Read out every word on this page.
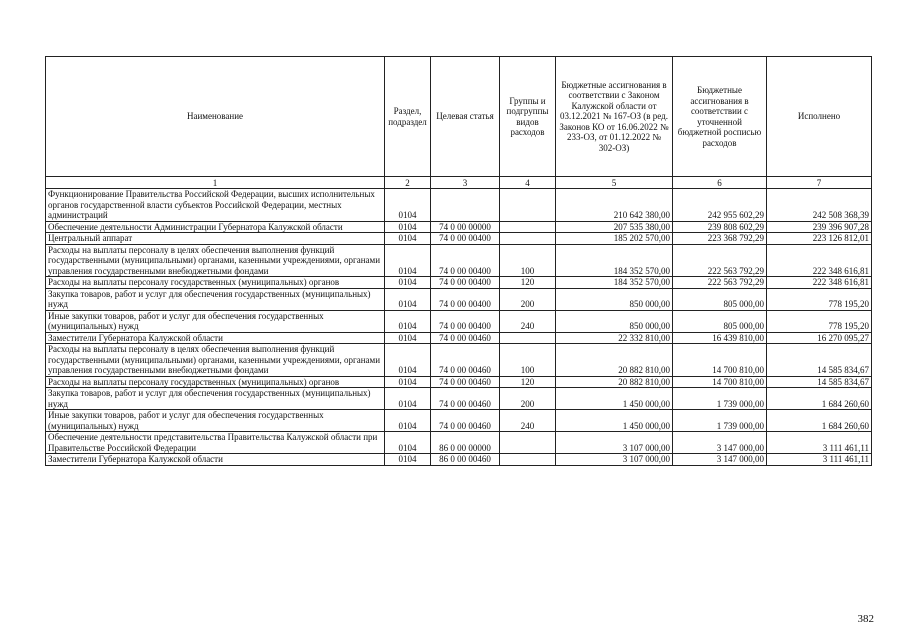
Наименование	Раздел, подраздел	Целевая статья	Группы и подгруппы видов расходов	Бюджетные ассигнования в соответствии с Законом Калужской области от 03.12.2021 № 167-ОЗ (в ред. Законов КО от 16.06.2022 № 233-ОЗ, от 01.12.2022 № 302-ОЗ)	Бюджетные ассигнования в соответствии с уточненной бюджетной росписью расходов	Исполнено
1	2	3	4	5	6	7
Функционирование Правительства Российской Федерации, высших исполнительных органов государственной власти субъектов Российской Федерации, местных администраций	0104			210 642 380,00	242 955 602,29	242 508 368,39
Обеспечение деятельности Администрации Губернатора Калужской области	0104	74 0 00 00000		207 535 380,00	239 808 602,29	239 396 907,28
Центральный аппарат	0104	74 0 00 00400		185 202 570,00	223 368 792,29	223 126 812,01
Расходы на выплаты персоналу в целях обеспечения выполнения функций государственными (муниципальными) органами, казенными учреждениями, органами управления государственными внебюджетными фондами	0104	74 0 00 00400	100	184 352 570,00	222 563 792,29	222 348 616,81
Расходы на выплаты персоналу государственных (муниципальных) органов	0104	74 0 00 00400	120	184 352 570,00	222 563 792,29	222 348 616,81
Закупка товаров, работ и услуг для обеспечения государственных (муниципальных) нужд	0104	74 0 00 00400	200	850 000,00	805 000,00	778 195,20
Иные закупки товаров, работ и услуг для обеспечения государственных (муниципальных) нужд	0104	74 0 00 00400	240	850 000,00	805 000,00	778 195,20
Заместители Губернатора Калужской области	0104	74 0 00 00460		22 332 810,00	16 439 810,00	16 270 095,27
Расходы на выплаты персоналу в целях обеспечения выполнения функций государственными (муниципальными) органами, казенными учреждениями, органами управления государственными внебюджетными фондами	0104	74 0 00 00460	100	20 882 810,00	14 700 810,00	14 585 834,67
Расходы на выплаты персоналу государственных (муниципальных) органов	0104	74 0 00 00460	120	20 882 810,00	14 700 810,00	14 585 834,67
Закупка товаров, работ и услуг для обеспечения государственных (муниципальных) нужд	0104	74 0 00 00460	200	1 450 000,00	1 739 000,00	1 684 260,60
Иные закупки товаров, работ и услуг для обеспечения государственных (муниципальных) нужд	0104	74 0 00 00460	240	1 450 000,00	1 739 000,00	1 684 260,60
Обеспечение деятельности представительства Правительства Калужской области при Правительстве Российской Федерации	0104	86 0 00 00000		3 107 000,00	3 147 000,00	3 111 461,11
Заместители Губернатора Калужской области	0104	86 0 00 00460		3 107 000,00	3 147 000,00	3 111 461,11
382
